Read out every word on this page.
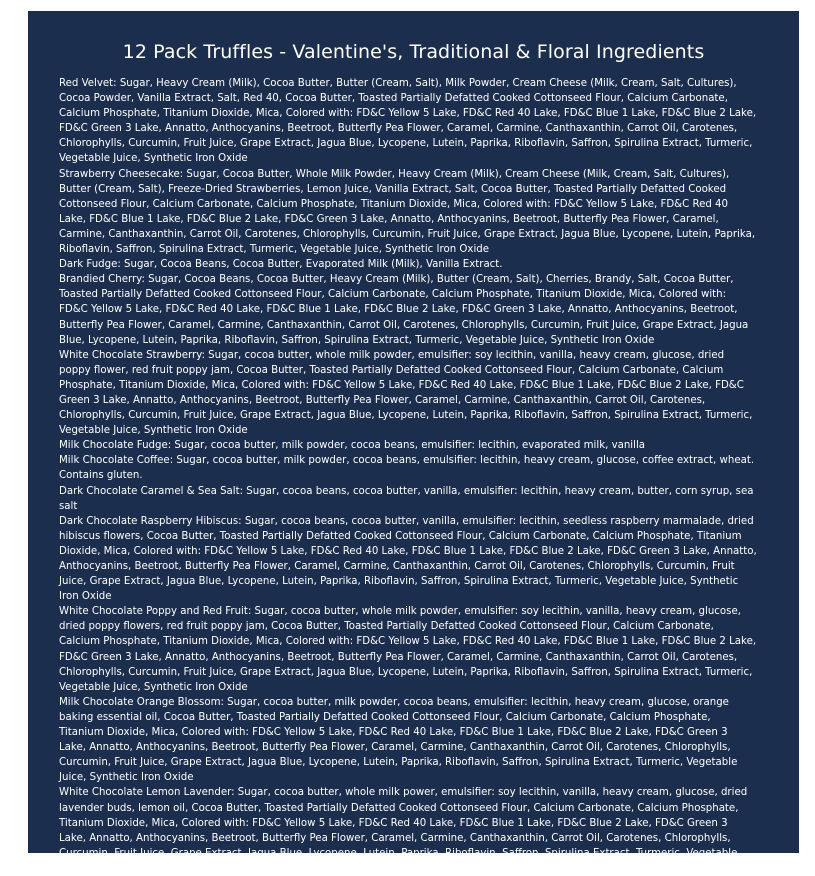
12 Pack Truffles - Valentine's, Traditional & Floral Ingredients
Red Velvet: Sugar, Heavy Cream (Milk), Cocoa Butter, Butter (Cream, Salt), Milk Powder, Cream Cheese (Milk, Cream, Salt, Cultures), Cocoa Powder, Vanilla Extract, Salt, Red 40, Cocoa Butter, Toasted Partially Defatted Cooked Cottonseed Flour, Calcium Carbonate, Calcium Phosphate, Titanium Dioxide, Mica, Colored with: FD&C Yellow 5 Lake, FD&C Red 40 Lake, FD&C Blue 1 Lake, FD&C Blue 2 Lake, FD&C Green 3 Lake, Annatto, Anthocyanins, Beetroot, Butterfly Pea Flower, Caramel, Carmine, Canthaxanthin, Carrot Oil, Carotenes, Chlorophylls, Curcumin, Fruit Juice, Grape Extract, Jagua Blue, Lycopene, Lutein, Paprika, Riboflavin, Saffron, Spirulina Extract, Turmeric, Vegetable Juice, Synthetic Iron Oxide
Strawberry Cheesecake: Sugar, Cocoa Butter, Whole Milk Powder, Heavy Cream (Milk), Cream Cheese (Milk, Cream, Salt, Cultures), Butter (Cream, Salt), Freeze-Dried Strawberries, Lemon Juice, Vanilla Extract, Salt, Cocoa Butter, Toasted Partially Defatted Cooked Cottonseed Flour, Calcium Carbonate, Calcium Phosphate, Titanium Dioxide, Mica, Colored with: FD&C Yellow 5 Lake, FD&C Red 40 Lake, FD&C Blue 1 Lake, FD&C Blue 2 Lake, FD&C Green 3 Lake, Annatto, Anthocyanins, Beetroot, Butterfly Pea Flower, Caramel, Carmine, Canthaxanthin, Carrot Oil, Carotenes, Chlorophylls, Curcumin, Fruit Juice, Grape Extract, Jagua Blue, Lycopene, Lutein, Paprika, Riboflavin, Saffron, Spirulina Extract, Turmeric, Vegetable Juice, Synthetic Iron Oxide
Dark Fudge: Sugar, Cocoa Beans, Cocoa Butter, Evaporated Milk (Milk), Vanilla Extract.
Brandied Cherry: Sugar, Cocoa Beans, Cocoa Butter, Heavy Cream (Milk), Butter (Cream, Salt), Cherries, Brandy, Salt, Cocoa Butter, Toasted Partially Defatted Cooked Cottonseed Flour, Calcium Carbonate, Calcium Phosphate, Titanium Dioxide, Mica, Colored with: FD&C Yellow 5 Lake, FD&C Red 40 Lake, FD&C Blue 1 Lake, FD&C Blue 2 Lake, FD&C Green 3 Lake, Annatto, Anthocyanins, Beetroot, Butterfly Pea Flower, Caramel, Carmine, Canthaxanthin, Carrot Oil, Carotenes, Chlorophylls, Curcumin, Fruit Juice, Grape Extract, Jagua Blue, Lycopene, Lutein, Paprika, Riboflavin, Saffron, Spirulina Extract, Turmeric, Vegetable Juice, Synthetic Iron Oxide
White Chocolate Strawberry: Sugar, cocoa butter, whole milk powder, emulsifier: soy lecithin, vanilla, heavy cream, glucose, dried poppy flower, red fruit poppy jam, Cocoa Butter, Toasted Partially Defatted Cooked Cottonseed Flour, Calcium Carbonate, Calcium Phosphate, Titanium Dioxide, Mica, Colored with: FD&C Yellow 5 Lake, FD&C Red 40 Lake, FD&C Blue 1 Lake, FD&C Blue 2 Lake, FD&C Green 3 Lake, Annatto, Anthocyanins, Beetroot, Butterfly Pea Flower, Caramel, Carmine, Canthaxanthin, Carrot Oil, Carotenes, Chlorophylls, Curcumin, Fruit Juice, Grape Extract, Jagua Blue, Lycopene, Lutein, Paprika, Riboflavin, Saffron, Spirulina Extract, Turmeric, Vegetable Juice, Synthetic Iron Oxide
Milk Chocolate Fudge: Sugar, cocoa butter, milk powder, cocoa beans, emulsifier: lecithin, evaporated milk, vanilla
Milk Chocolate Coffee: Sugar, cocoa butter, milk powder, cocoa beans, emulsifier: lecithin, heavy cream, glucose, coffee extract, wheat. Contains gluten.
Dark Chocolate Caramel & Sea Salt: Sugar, cocoa beans, cocoa butter, vanilla, emulsifier: lecithin, heavy cream, butter, corn syrup, sea salt
Dark Chocolate Raspberry Hibiscus: Sugar, cocoa beans, cocoa butter, vanilla, emulsifier: lecithin, seedless raspberry marmalade, dried hibiscus flowers, Cocoa Butter, Toasted Partially Defatted Cooked Cottonseed Flour, Calcium Carbonate, Calcium Phosphate, Titanium Dioxide, Mica, Colored with: FD&C Yellow 5 Lake, FD&C Red 40 Lake, FD&C Blue 1 Lake, FD&C Blue 2 Lake, FD&C Green 3 Lake, Annatto, Anthocyanins, Beetroot, Butterfly Pea Flower, Caramel, Carmine, Canthaxanthin, Carrot Oil, Carotenes, Chlorophylls, Curcumin, Fruit Juice, Grape Extract, Jagua Blue, Lycopene, Lutein, Paprika, Riboflavin, Saffron, Spirulina Extract, Turmeric, Vegetable Juice, Synthetic Iron Oxide
White Chocolate Poppy and Red Fruit: Sugar, cocoa butter, whole milk powder, emulsifier: soy lecithin, vanilla, heavy cream, glucose, dried poppy flowers, red fruit poppy jam, Cocoa Butter, Toasted Partially Defatted Cooked Cottonseed Flour, Calcium Carbonate, Calcium Phosphate, Titanium Dioxide, Mica, Colored with: FD&C Yellow 5 Lake, FD&C Red 40 Lake, FD&C Blue 1 Lake, FD&C Blue 2 Lake, FD&C Green 3 Lake, Annatto, Anthocyanins, Beetroot, Butterfly Pea Flower, Caramel, Carmine, Canthaxanthin, Carrot Oil, Carotenes, Chlorophylls, Curcumin, Fruit Juice, Grape Extract, Jagua Blue, Lycopene, Lutein, Paprika, Riboflavin, Saffron, Spirulina Extract, Turmeric, Vegetable Juice, Synthetic Iron Oxide
Milk Chocolate Orange Blossom: Sugar, cocoa butter, milk powder, cocoa beans, emulsifier: lecithin, heavy cream, glucose, orange baking essential oil, Cocoa Butter, Toasted Partially Defatted Cooked Cottonseed Flour, Calcium Carbonate, Calcium Phosphate, Titanium Dioxide, Mica, Colored with: FD&C Yellow 5 Lake, FD&C Red 40 Lake, FD&C Blue 1 Lake, FD&C Blue 2 Lake, FD&C Green 3 Lake, Annatto, Anthocyanins, Beetroot, Butterfly Pea Flower, Caramel, Carmine, Canthaxanthin, Carrot Oil, Carotenes, Chlorophylls, Curcumin, Fruit Juice, Grape Extract, Jagua Blue, Lycopene, Lutein, Paprika, Riboflavin, Saffron, Spirulina Extract, Turmeric, Vegetable Juice, Synthetic Iron Oxide
White Chocolate Lemon Lavender: Sugar, cocoa butter, whole milk power, emulsifier: soy lecithin, vanilla, heavy cream, glucose, dried lavender buds, lemon oil, Cocoa Butter, Toasted Partially Defatted Cooked Cottonseed Flour, Calcium Carbonate, Calcium Phosphate, Titanium Dioxide, Mica, Colored with: FD&C Yellow 5 Lake, FD&C Red 40 Lake, FD&C Blue 1 Lake, FD&C Blue 2 Lake, FD&C Green 3 Lake, Annatto, Anthocyanins, Beetroot, Butterfly Pea Flower, Caramel, Carmine, Canthaxanthin, Carrot Oil, Carotenes, Chlorophylls, Curcumin, Fruit Juice, Grape Extract, Jagua Blue, Lycopene, Lutein, Paprika, Riboflavin, Saffron, Spirulina Extract, Turmeric, Vegetable Juice, Synthetic Iron Oxide
